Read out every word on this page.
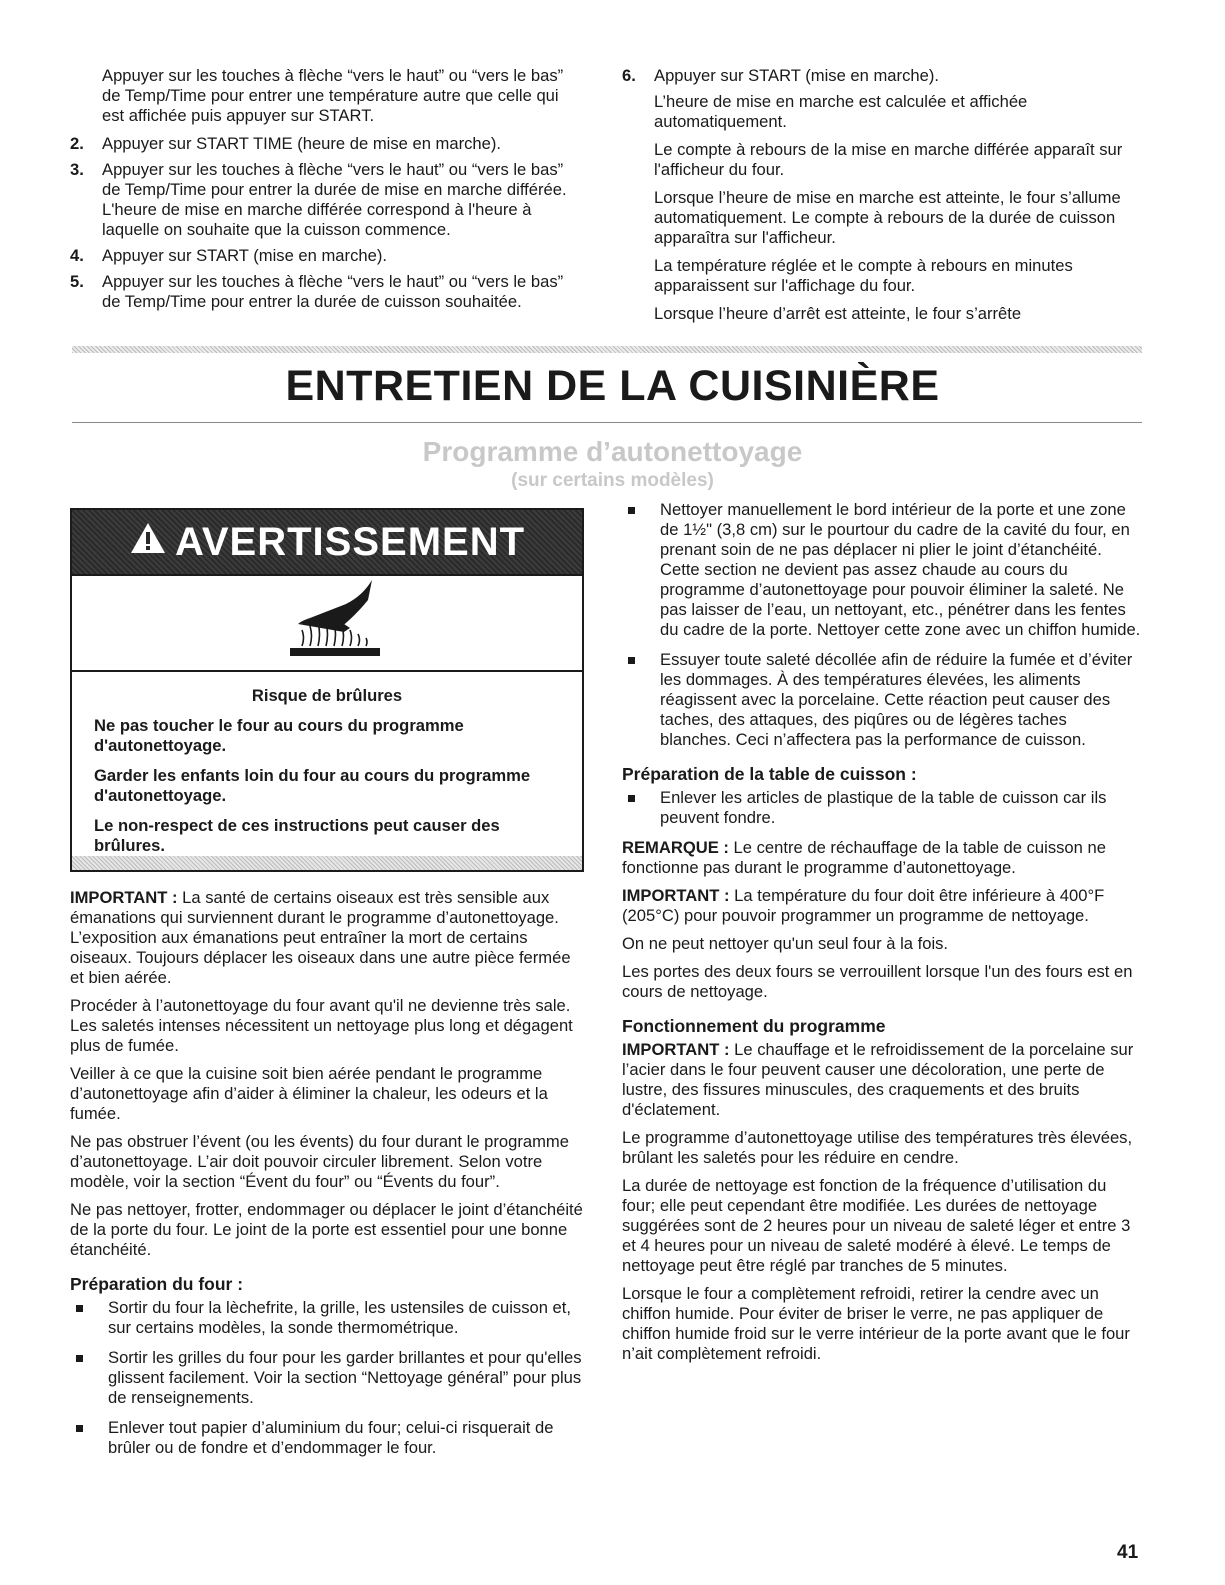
Appuyer sur les touches à flèche “vers le haut” ou “vers le bas” de Temp/Time pour entrer une température autre que celle qui est affichée puis appuyer sur START.

2. Appuyer sur START TIME (heure de mise en marche).
3. Appuyer sur les touches à flèche “vers le haut” ou “vers le bas” de Temp/Time pour entrer la durée de mise en marche différée. L'heure de mise en marche différée correspond à l'heure à laquelle on souhaite que la cuisson commence.
4. Appuyer sur START (mise en marche).
5. Appuyer sur les touches à flèche “vers le haut” ou “vers le bas” de Temp/Time pour entrer la durée de cuisson souhaitée.
6. Appuyer sur START (mise en marche).

L’heure de mise en marche est calculée et affichée automatiquement.

Le compte à rebours de la mise en marche différée apparaît sur l'afficheur du four.

Lorsque l’heure de mise en marche est atteinte, le four s’allume automatiquement. Le compte à rebours de la durée de cuisson apparaîtra sur l'afficheur.

La température réglée et le compte à rebours en minutes apparaissent sur l'affichage du four.

Lorsque l’heure d’arrêt est atteinte, le four s’arrête

ENTRETIEN DE LA CUISINIÈRE
Programme d’autonettoyage
(sur certains modèles)
AVERTISSEMENT

Risque de brûlures

Ne pas toucher le four au cours du programme d'autonettoyage.

Garder les enfants loin du four au cours du programme d'autonettoyage.

Le non-respect de ces instructions peut causer des brûlures.

IMPORTANT : La santé de certains oiseaux est très sensible aux émanations qui surviennent durant le programme d’autonettoyage. L’exposition aux émanations peut entraîner la mort de certains oiseaux. Toujours déplacer les oiseaux dans une autre pièce fermée et bien aérée.

Procéder à l’autonettoyage du four avant qu'il ne devienne très sale. Les saletés intenses nécessitent un nettoyage plus long et dégagent plus de fumée.

Veiller à ce que la cuisine soit bien aérée pendant le programme d’autonettoyage afin d’aider à éliminer la chaleur, les odeurs et la fumée.

Ne pas obstruer l’évent (ou les évents) du four durant le programme d’autonettoyage. L’air doit pouvoir circuler librement. Selon votre modèle, voir la section “Évent du four” ou “Évents du four”.

Ne pas nettoyer, frotter, endommager ou déplacer le joint d’étanchéité de la porte du four. Le joint de la porte est essentiel pour une bonne étanchéité.

Préparation du four :
Sortir du four la lèchefrite, la grille, les ustensiles de cuisson et, sur certains modèles, la sonde thermométrique.
Sortir les grilles du four pour les garder brillantes et pour qu'elles glissent facilement. Voir la section “Nettoyage général” pour plus de renseignements.
Enlever tout papier d’aluminium du four; celui-ci risquerait de brûler ou de fondre et d’endommager le four.
Nettoyer manuellement le bord intérieur de la porte et une zone de 1½" (3,8 cm) sur le pourtour du cadre de la cavité du four, en prenant soin de ne pas déplacer ni plier le joint d’étanchéité. Cette section ne devient pas assez chaude au cours du programme d’autonettoyage pour pouvoir éliminer la saleté. Ne pas laisser de l’eau, un nettoyant, etc., pénétrer dans les fentes du cadre de la porte. Nettoyer cette zone avec un chiffon humide.
Essuyer toute saleté décollée afin de réduire la fumée et d’éviter les dommages. À des températures élevées, les aliments réagissent avec la porcelaine. Cette réaction peut causer des taches, des attaques, des piqûres ou de légères taches blanches. Ceci n’affectera pas la performance de cuisson.
Préparation de la table de cuisson :
Enlever les articles de plastique de la table de cuisson car ils peuvent fondre.

REMARQUE : Le centre de réchauffage de la table de cuisson ne fonctionne pas durant le programme d’autonettoyage.

IMPORTANT : La température du four doit être inférieure à 400°F (205°C) pour pouvoir programmer un programme de nettoyage.

On ne peut nettoyer qu'un seul four à la fois.

Les portes des deux fours se verrouillent lorsque l'un des fours est en cours de nettoyage.

Fonctionnement du programme

IMPORTANT : Le chauffage et le refroidissement de la porcelaine sur l’acier dans le four peuvent causer une décoloration, une perte de lustre, des fissures minuscules, des craquements et des bruits d'éclatement.

Le programme d’autonettoyage utilise des températures très élevées, brûlant les saletés pour les réduire en cendre.

La durée de nettoyage est fonction de la fréquence d’utilisation du four; elle peut cependant être modifiée. Les durées de nettoyage suggérées sont de 2 heures pour un niveau de saleté léger et entre 3 et 4 heures pour un niveau de saleté modéré à élevé. Le temps de nettoyage peut être réglé par tranches de 5 minutes.

Lorsque le four a complètement refroidi, retirer la cendre avec un chiffon humide. Pour éviter de briser le verre, ne pas appliquer de chiffon humide froid sur le verre intérieur de la porte avant que le four n’ait complètement refroidi.

41
